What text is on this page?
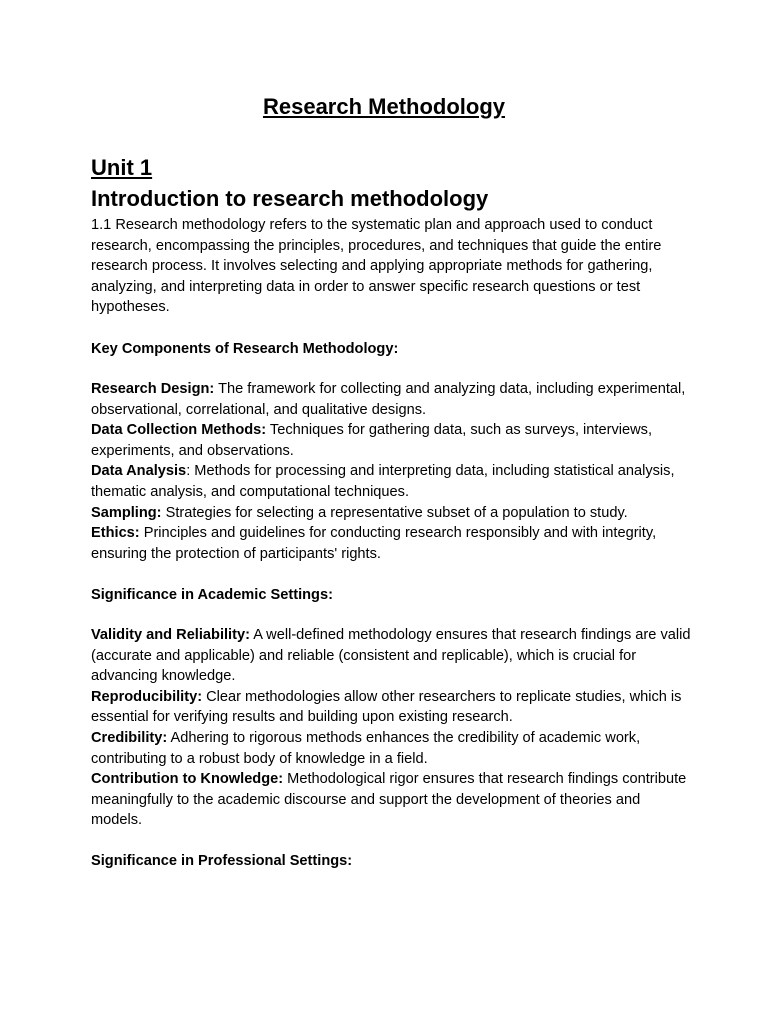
Research Methodology
Unit 1
Introduction to research methodology

1.1 Research methodology refers to the systematic plan and approach used to conduct research, encompassing the principles, procedures, and techniques that guide the entire research process. It involves selecting and applying appropriate methods for gathering, analyzing, and interpreting data in order to answer specific research questions or test hypotheses.

Key Components of Research Methodology:

Research Design: The framework for collecting and analyzing data, including experimental, observational, correlational, and qualitative designs.
Data Collection Methods: Techniques for gathering data, such as surveys, interviews, experiments, and observations.
Data Analysis: Methods for processing and interpreting data, including statistical analysis, thematic analysis, and computational techniques.
Sampling: Strategies for selecting a representative subset of a population to study.
Ethics: Principles and guidelines for conducting research responsibly and with integrity, ensuring the protection of participants' rights.

Significance in Academic Settings:

Validity and Reliability: A well-defined methodology ensures that research findings are valid (accurate and applicable) and reliable (consistent and replicable), which is crucial for advancing knowledge.
Reproducibility: Clear methodologies allow other researchers to replicate studies, which is essential for verifying results and building upon existing research.
Credibility: Adhering to rigorous methods enhances the credibility of academic work, contributing to a robust body of knowledge in a field.
Contribution to Knowledge: Methodological rigor ensures that research findings contribute meaningfully to the academic discourse and support the development of theories and models.

Significance in Professional Settings:
